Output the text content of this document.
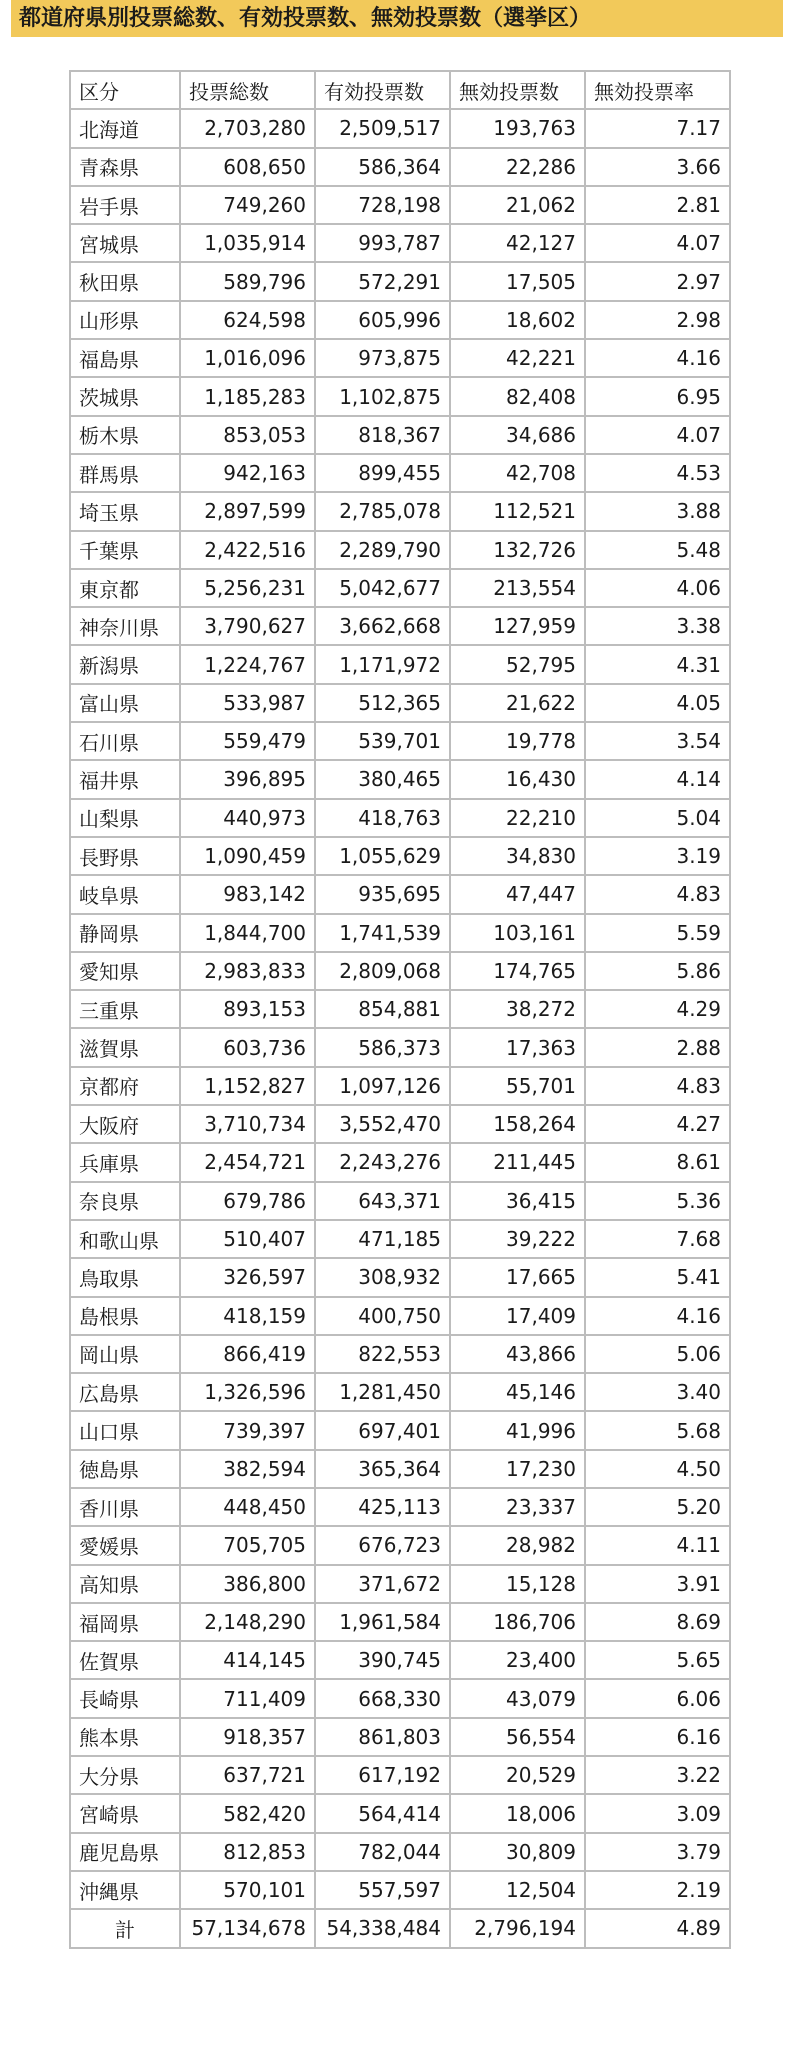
都道府県別投票総数、有効投票数、無効投票数（選挙区）
区分	投票総数	有効投票数	無効投票数	無効投票率
北海道	2,703,280	2,509,517	193,763	7.17
青森県	608,650	586,364	22,286	3.66
岩手県	749,260	728,198	21,062	2.81
宮城県	1,035,914	993,787	42,127	4.07
秋田県	589,796	572,291	17,505	2.97
山形県	624,598	605,996	18,602	2.98
福島県	1,016,096	973,875	42,221	4.16
茨城県	1,185,283	1,102,875	82,408	6.95
栃木県	853,053	818,367	34,686	4.07
群馬県	942,163	899,455	42,708	4.53
埼玉県	2,897,599	2,785,078	112,521	3.88
千葉県	2,422,516	2,289,790	132,726	5.48
東京都	5,256,231	5,042,677	213,554	4.06
神奈川県	3,790,627	3,662,668	127,959	3.38
新潟県	1,224,767	1,171,972	52,795	4.31
富山県	533,987	512,365	21,622	4.05
石川県	559,479	539,701	19,778	3.54
福井県	396,895	380,465	16,430	4.14
山梨県	440,973	418,763	22,210	5.04
長野県	1,090,459	1,055,629	34,830	3.19
岐阜県	983,142	935,695	47,447	4.83
静岡県	1,844,700	1,741,539	103,161	5.59
愛知県	2,983,833	2,809,068	174,765	5.86
三重県	893,153	854,881	38,272	4.29
滋賀県	603,736	586,373	17,363	2.88
京都府	1,152,827	1,097,126	55,701	4.83
大阪府	3,710,734	3,552,470	158,264	4.27
兵庫県	2,454,721	2,243,276	211,445	8.61
奈良県	679,786	643,371	36,415	5.36
和歌山県	510,407	471,185	39,222	7.68
鳥取県	326,597	308,932	17,665	5.41
島根県	418,159	400,750	17,409	4.16
岡山県	866,419	822,553	43,866	5.06
広島県	1,326,596	1,281,450	45,146	3.40
山口県	739,397	697,401	41,996	5.68
徳島県	382,594	365,364	17,230	4.50
香川県	448,450	425,113	23,337	5.20
愛媛県	705,705	676,723	28,982	4.11
高知県	386,800	371,672	15,128	3.91
福岡県	2,148,290	1,961,584	186,706	8.69
佐賀県	414,145	390,745	23,400	5.65
長崎県	711,409	668,330	43,079	6.06
熊本県	918,357	861,803	56,554	6.16
大分県	637,721	617,192	20,529	3.22
宮崎県	582,420	564,414	18,006	3.09
鹿児島県	812,853	782,044	30,809	3.79
沖縄県	570,101	557,597	12,504	2.19
計	57,134,678	54,338,484	2,796,194	4.89
